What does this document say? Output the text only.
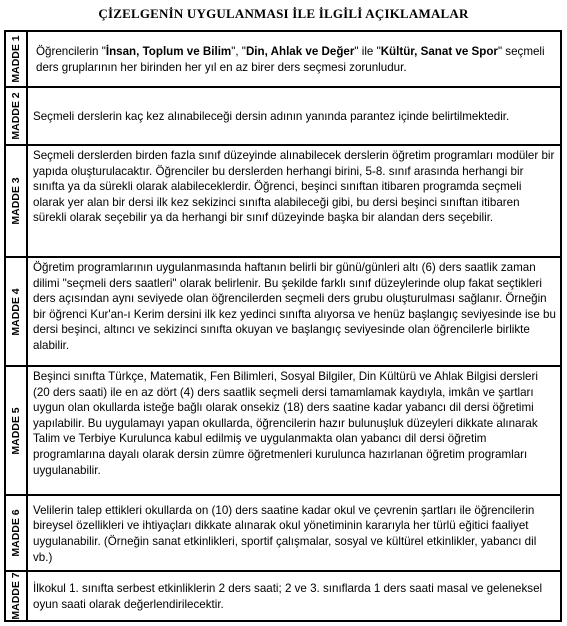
ÇİZELGENİN UYGULANMASI İLE İLGİLİ AÇIKLAMALAR
MADDE 1 Öğrencilerin "İnsan, Toplum ve Bilim", "Din, Ahlak ve Değer" ile "Kültür, Sanat ve Spor" seçmeli ders gruplarının her birinden her yıl en az birer ders seçmesi zorunludur.

MADDE 2 Seçmeli derslerin kaç kez alınabileceği dersin adının yanında parantez içinde belirtilmektedir.

MADDE 3

Seçmeli derslerden birden fazla sınıf düzeyinde alınabilecek derslerin öğretim programları modüler bir yapıda oluşturulacaktır. Öğrenciler bu derslerden herhangi birini, 5-8. sınıf arasında herhangi bir sınıfta ya da sürekli olarak alabileceklerdir. Öğrenci, beşinci sınıftan itibaren programda seçmeli olarak yer alan bir dersi ilk kez sekizinci sınıfta alabileceği gibi, bu dersi beşinci sınıftan itibaren sürekli olarak seçebilir ya da herhangi bir sınıf düzeyinde başka bir alandan ders seçebilir.

MADDE 4

Öğretim programlarının uygulanmasında haftanın belirli bir günü/günleri altı (6) ders saatlik zaman dilimi "seçmeli ders saatleri" olarak belirlenir. Bu şekilde farklı sınıf düzeylerinde olup fakat seçtikleri ders açısından aynı seviyede olan öğrencilerden seçmeli ders grubu oluşturulması sağlanır. Örneğin bir öğrenci Kur'an-ı Kerim dersini ilk kez yedinci sınıfta alıyorsa ve henüz başlangıç seviyesinde ise bu dersi beşinci, altıncı ve sekizinci sınıfta okuyan ve başlangıç seviyesinde olan öğrencilerle birlikte alabilir.

MADDE 5

Beşinci sınıfta Türkçe, Matematik, Fen Bilimleri, Sosyal Bilgiler, Din Kültürü ve Ahlak Bilgisi dersleri (20 ders saati) ile en az dört (4) ders saatlik seçmeli dersi tamamlamak kaydıyla, imkân ve şartları uygun olan okullarda isteğe bağlı olarak onsekiz (18) ders saatine kadar yabancı dil dersi öğretimi yapılabilir. Bu uygulamayı yapan okullarda, öğrencilerin hazır bulunuşluk düzeyleri dikkate alınarak Talim ve Terbiye Kurulunca kabul edilmiş ve uygulanmakta olan yabancı dil dersi öğretim programlarına dayalı olarak dersin zümre öğretmenleri kurulunca hazırlanan öğretim programları uygulanabilir.

MADDE 6 Velilerin talep ettikleri okullarda on (10) ders saatine kadar okul ve çevrenin şartları ile öğrencilerin bireysel özellikleri ve ihtiyaçları dikkate alınarak okul yönetiminin kararıyla her türlü eğitici faaliyet uygulanabilir. (Örneğin sanat etkinlikleri, sportif çalışmalar, sosyal ve kültürel etkinlikler, yabancı dil vb.)

MADDE 7 İlkokul 1. sınıfta serbest etkinliklerin 2 ders saati; 2 ve 3. sınıflarda 1 ders saati masal ve geleneksel oyun saati olarak değerlendirilecektir.
